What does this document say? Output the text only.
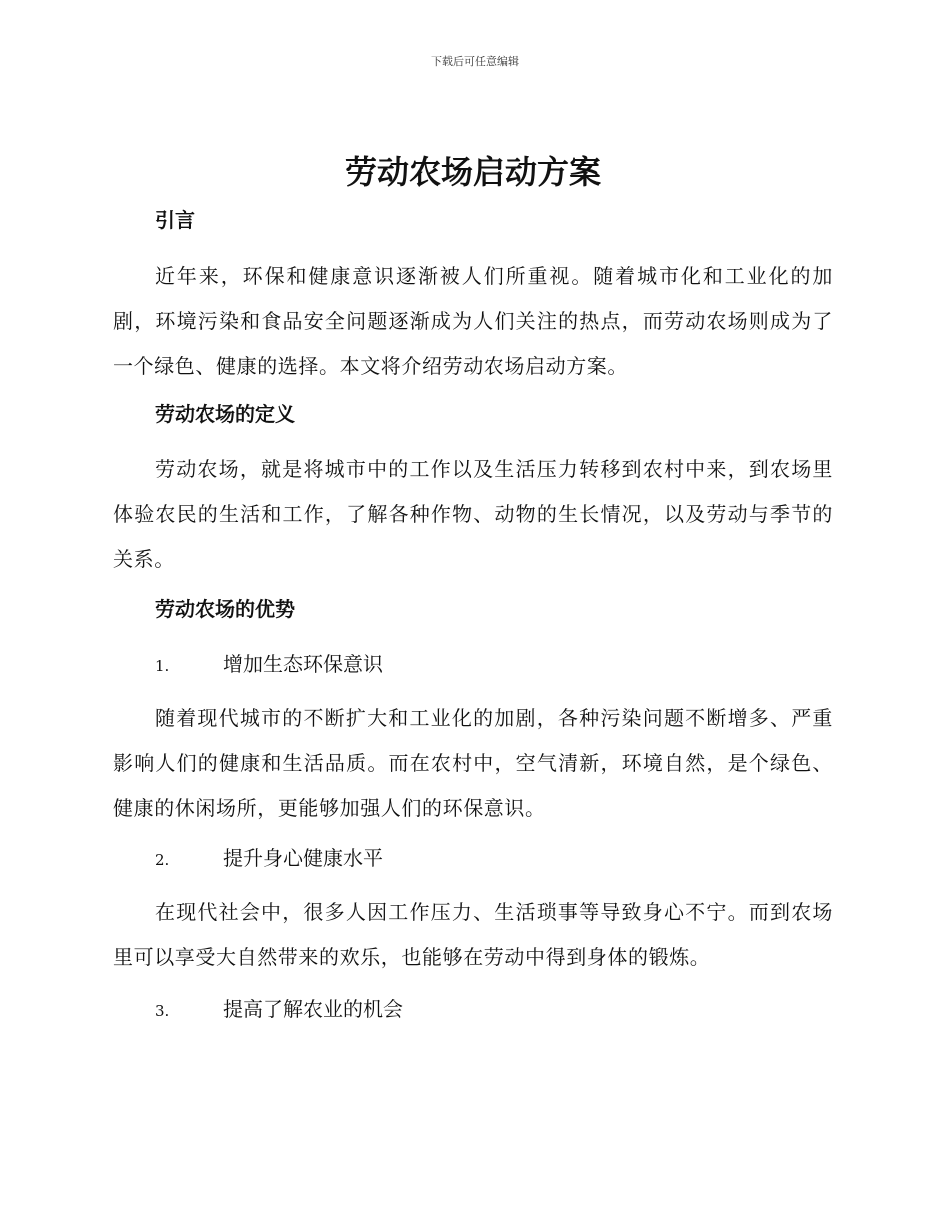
下载后可任意编辑
劳动农场启动方案
引言

近年来，环保和健康意识逐渐被人们所重视。随着城市化和工业化的加剧，环境污染和食品安全问题逐渐成为人们关注的热点，而劳动农场则成为了一个绿色、健康的选择。本文将介绍劳动农场启动方案。

劳动农场的定义

劳动农场，就是将城市中的工作以及生活压力转移到农村中来，到农场里体验农民的生活和工作，了解各种作物、动物的生长情况，以及劳动与季节的关系。

劳动农场的优势
1.	增加生态环保意识

随着现代城市的不断扩大和工业化的加剧，各种污染问题不断增多、严重影响人们的健康和生活品质。而在农村中，空气清新，环境自然，是个绿色、健康的休闲场所，更能够加强人们的环保意识。

2.	提升身心健康水平

在现代社会中，很多人因工作压力、生活琐事等导致身心不宁。而到农场里可以享受大自然带来的欢乐，也能够在劳动中得到身体的锻炼。

3.	提高了解农业的机会
